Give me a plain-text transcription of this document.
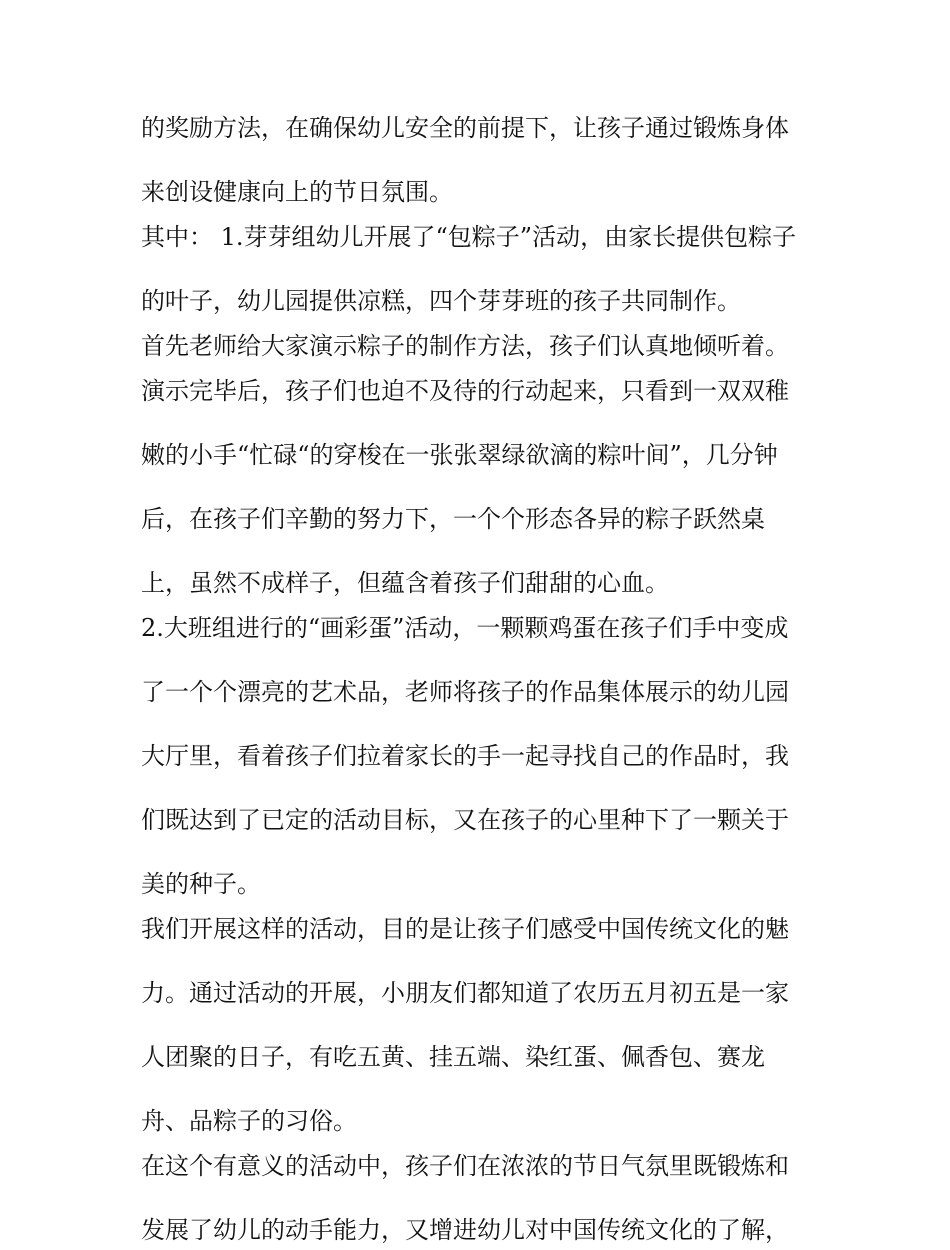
的奖励方法，在确保幼儿安全的前提下，让孩子通过锻炼身体
来创设健康向上的节日氛围。
其中： 1.芽芽组幼儿开展了“包粽子”活动，由家长提供包粽子
的叶子，幼儿园提供凉糕，四个芽芽班的孩子共同制作。
首先老师给大家演示粽子的制作方法，孩子们认真地倾听着。
演示完毕后，孩子们也迫不及待的行动起来，只看到一双双稚
嫩的小手“忙碌“的穿梭在一张张翠绿欲滴的粽叶间”，几分钟
后，在孩子们辛勤的努力下，一个个形态各异的粽子跃然桌
上，虽然不成样子，但蕴含着孩子们甜甜的心血。
2.大班组进行的“画彩蛋”活动，一颗颗鸡蛋在孩子们手中变成
了一个个漂亮的艺术品，老师将孩子的作品集体展示的幼儿园
大厅里，看着孩子们拉着家长的手一起寻找自己的作品时，我
们既达到了已定的活动目标，又在孩子的心里种下了一颗关于
美的种子。
我们开展这样的活动，目的是让孩子们感受中国传统文化的魅
力。通过活动的开展，小朋友们都知道了农历五月初五是一家
人团聚的日子，有吃五黄、挂五端、染红蛋、佩香包、赛龙
舟、品粽子的习俗。
在这个有意义的活动中，孩子们在浓浓的节日气氛里既锻炼和
发展了幼儿的动手能力，又增进幼儿对中国传统文化的了解，
